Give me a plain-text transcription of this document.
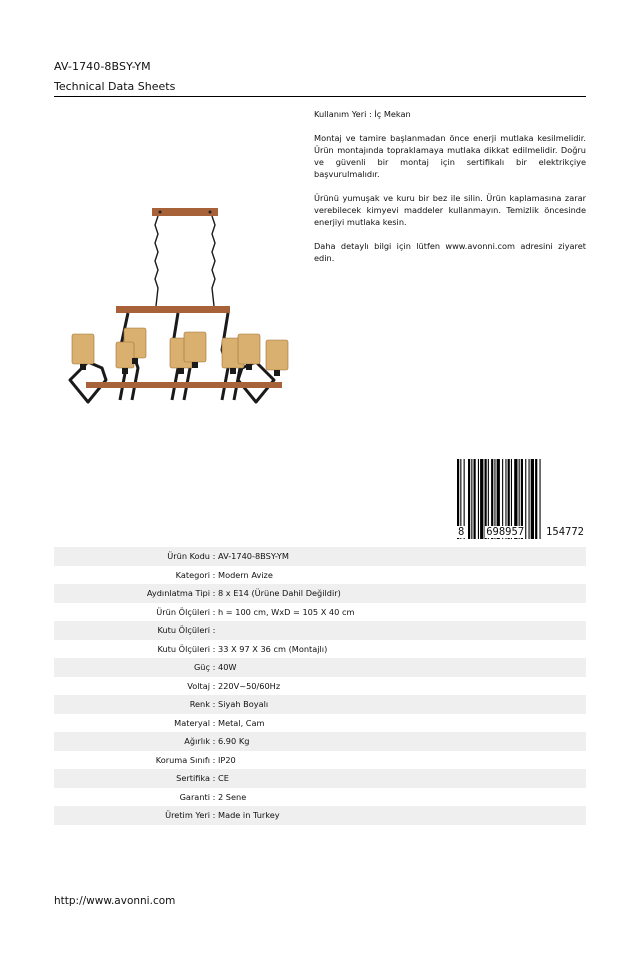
AV-1740-8BSY-YM
Technical Data Sheets

Kullanım Yeri : İç Mekan

Montaj ve tamire başlanmadan önce enerji mutlaka kesilmelidir. Ürün montajında topraklamaya mutlaka dikkat edilmelidir. Doğru ve güvenli bir montaj için sertifikalı bir elektrikçiye başvurulmalıdır.

Ürünü yumuşak ve kuru bir bez ile silin. Ürün kaplamasına zarar verebilecek kimyevi maddeler kullanmayın. Temizlik öncesinde enerjiyi mutlaka kesin.

Daha detaylı bilgi için lütfen www.avonni.com adresini ziyaret edin.

8 698957 154772
Ürün Kodu	:	AV-1740-8BSY-YM
Kategori	:	Modern Avize
Aydınlatma Tipi	:	8 x E14 (Ürüne Dahil Değildir)
Ürün Ölçüleri	:	h = 100 cm, WxD = 105 X 40 cm
Kutu Ölçüleri	:	
Kutu Ölçüleri	:	33 X 97 X 36 cm (Montajlı)
Güç	:	40W
Voltaj	:	220V~50/60Hz
Renk	:	Siyah Boyalı
Materyal	:	Metal, Cam
Ağırlık	:	6.90 Kg
Koruma Sınıfı	:	IP20
Sertifika	:	CE
Garanti	:	2 Sene
Üretim Yeri	:	Made in Turkey
http://www.avonni.com
